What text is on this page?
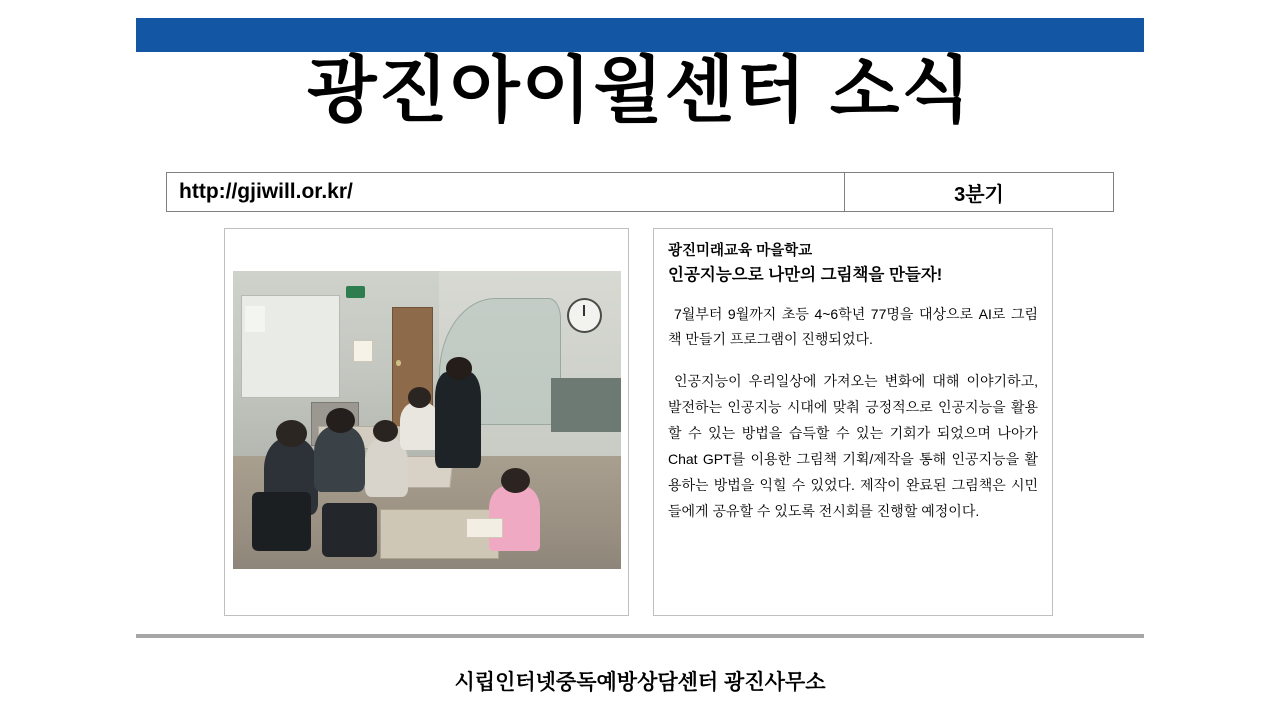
광진아이윌센터 소식
http://gjiwill.or.kr/	3분기
광진미래교육 마을학교
인공지능으로 나만의 그림책을 만들자!

7월부터 9월까지 초등 4~6학년 77명을 대상으로 AI로 그림책 만들기 프로그램이 진행되었다.

인공지능이 우리일상에 가져오는 변화에 대해 이야기하고, 발전하는 인공지능 시대에 맞춰 긍정적으로 인공지능을 활용할 수 있는 방법을 습득할 수 있는 기회가 되었으며 나아가 Chat GPT를 이용한 그림책 기획/제작을 통해 인공지능을 활용하는 방법을 익힐 수 있었다. 제작이 완료된 그림책은 시민들에게 공유할 수 있도록 전시회를 진행할 예정이다.

시립인터넷중독예방상담센터 광진사무소
